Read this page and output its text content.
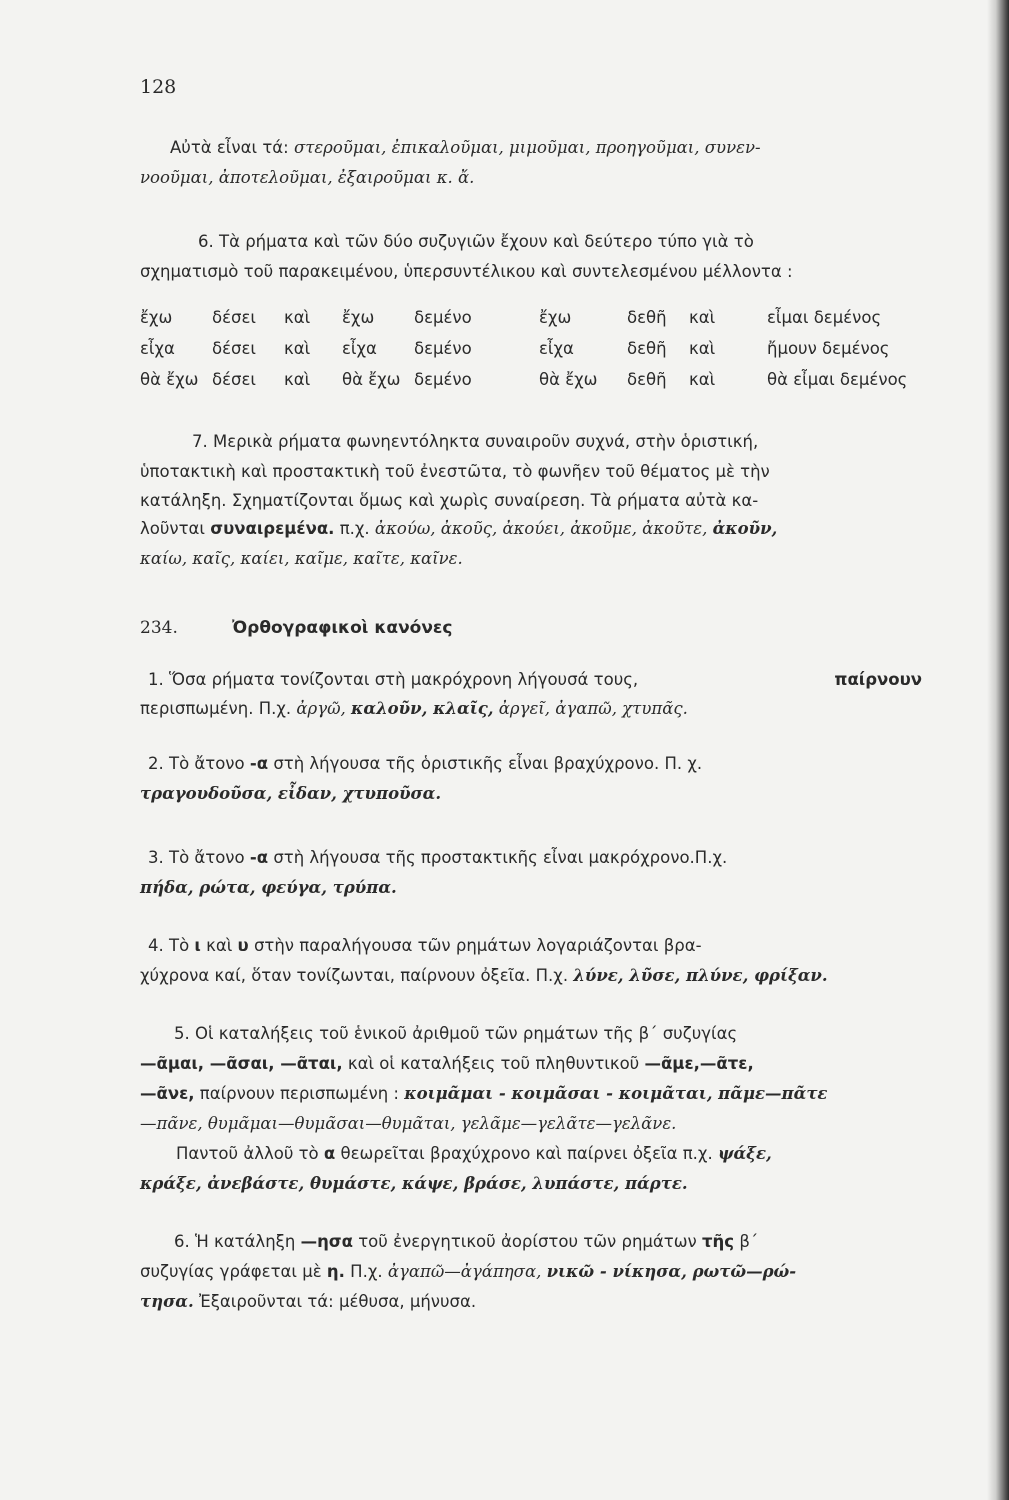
128
Αὐτὰ εἶναι τά: στερoῦμαι, ἐπικαλοῦμαι, μιμοῦμαι, προηγοῦμαι, συνεν-
νοοῦμαι, ἀποτελοῦμαι, ἐξαιροῦμαι κ. ἄ.
6. Τὰ ρήματα καὶ τῶν δύο συζυγιῶν ἔχουν καὶ δεύτερο τύπο γιὰ τὸ
σχηματισμὸ τοῦ παρακειμένου, ὑπερσυντέλικου καὶ συντελεσμένου μέλλοντα :
ἔχω	δέσει	καὶ	ἔχω	δεμένο	ἔχω	δεθῆ	καὶ	εἶμαι δεμένος
εἶχα	δέσει	καὶ	εἶχα	δεμένο	εἶχα	δεθῆ	καὶ	ἤμουν δεμένος
θὰ ἔχω	δέσει	καὶ	θὰ ἔχω	δεμένο	θὰ ἔχω	δεθῆ	καὶ	θὰ εἶμαι δεμένος
7. Μερικὰ ρήματα φωνηεντόληκτα συναιροῦν συχνά, στὴν ὁριστική,
ὑποτακτικὴ καὶ προστακτικὴ τοῦ ἐνεστῶτα, τὸ φωνῆεν τοῦ θέματος μὲ τὴν
κατάληξη. Σχηματίζονται ὅμως καὶ χωρὶς συναίρεση. Τὰ ρήματα αὐτὰ κα-
λοῦνται συναιρεμένα. π.χ. ἀκούω, ἀκοῦς, ἀκούει, ἀκοῦμε, ἀκοῦτε, ἀκοῦν,
καίω, καῖς, καίει, καῖμε, καῖτε, καῖνε.
234.	Ὀρθογραφικοὶ κανόνες
1. Ὅσα ρήματα τονίζονται στὴ μακρόχρονη λήγουσά τους,	παίρνουν
περισπωμένη. Π.χ. ἀργῶ, καλοῦν, κλαῖς, ἀργεῖ, ἀγαπῶ, χτυπᾶς.
2. Τὸ ἄτονο -α στὴ λήγουσα τῆς ὁριστικῆς εἶναι βραχύχρονο. Π. χ.
τραγουδοῦσα, εἶδαν, χτυποῦσα.
3. Τὸ ἄτονο -α στὴ λήγουσα τῆς προστακτικῆς εἶναι μακρόχρονο.Π.χ.
πήδα, ρώτα, φεύγα, τρύπα.
4. Τὸ ι καὶ υ στὴν παραλήγουσα τῶν ρημάτων λογαριάζονται βρα-
χύχρονα καί, ὅταν τονίζωνται, παίρνουν ὀξεῖα. Π.χ. λύνε, λῦσε, πλύνε, φρίξαν.
5. Οἱ καταλήξεις τοῦ ἑνικοῦ ἀριθμοῦ τῶν ρημάτων τῆς β΄ συζυγίας
—ᾶμαι, —ᾶσαι, —ᾶται, καὶ οἱ καταλήξεις τοῦ πληθυντικοῦ —ᾶμε,—ᾶτε,
—ᾶνε, παίρνουν περισπωμένη : κοιμᾶμαι - κοιμᾶσαι - κοιμᾶται, πᾶμε—πᾶτε
—πᾶνε, θυμᾶμαι—θυμᾶσαι—θυμᾶται, γελᾶμε—γελᾶτε—γελᾶνε.
Παντοῦ ἀλλοῦ τὸ α θεωρεῖται βραχύχρονο καὶ παίρνει ὀξεῖα π.χ. ψάξε,
κράξε, ἀνεβάστε, θυμάστε, κάψε, βράσε, λυπάστε, πάρτε.
6. Ἡ κατάληξη —ησα τοῦ ἐνεργητικοῦ ἀορίστου τῶν ρημάτων τῆς β΄
συζυγίας γράφεται μὲ η. Π.χ. ἀγαπῶ—ἀγάπησα, νικῶ - νίκησα, ρωτῶ—ρώ-
τησα. Ἐξαιροῦνται τά: μέθυσα, μήνυσα.
